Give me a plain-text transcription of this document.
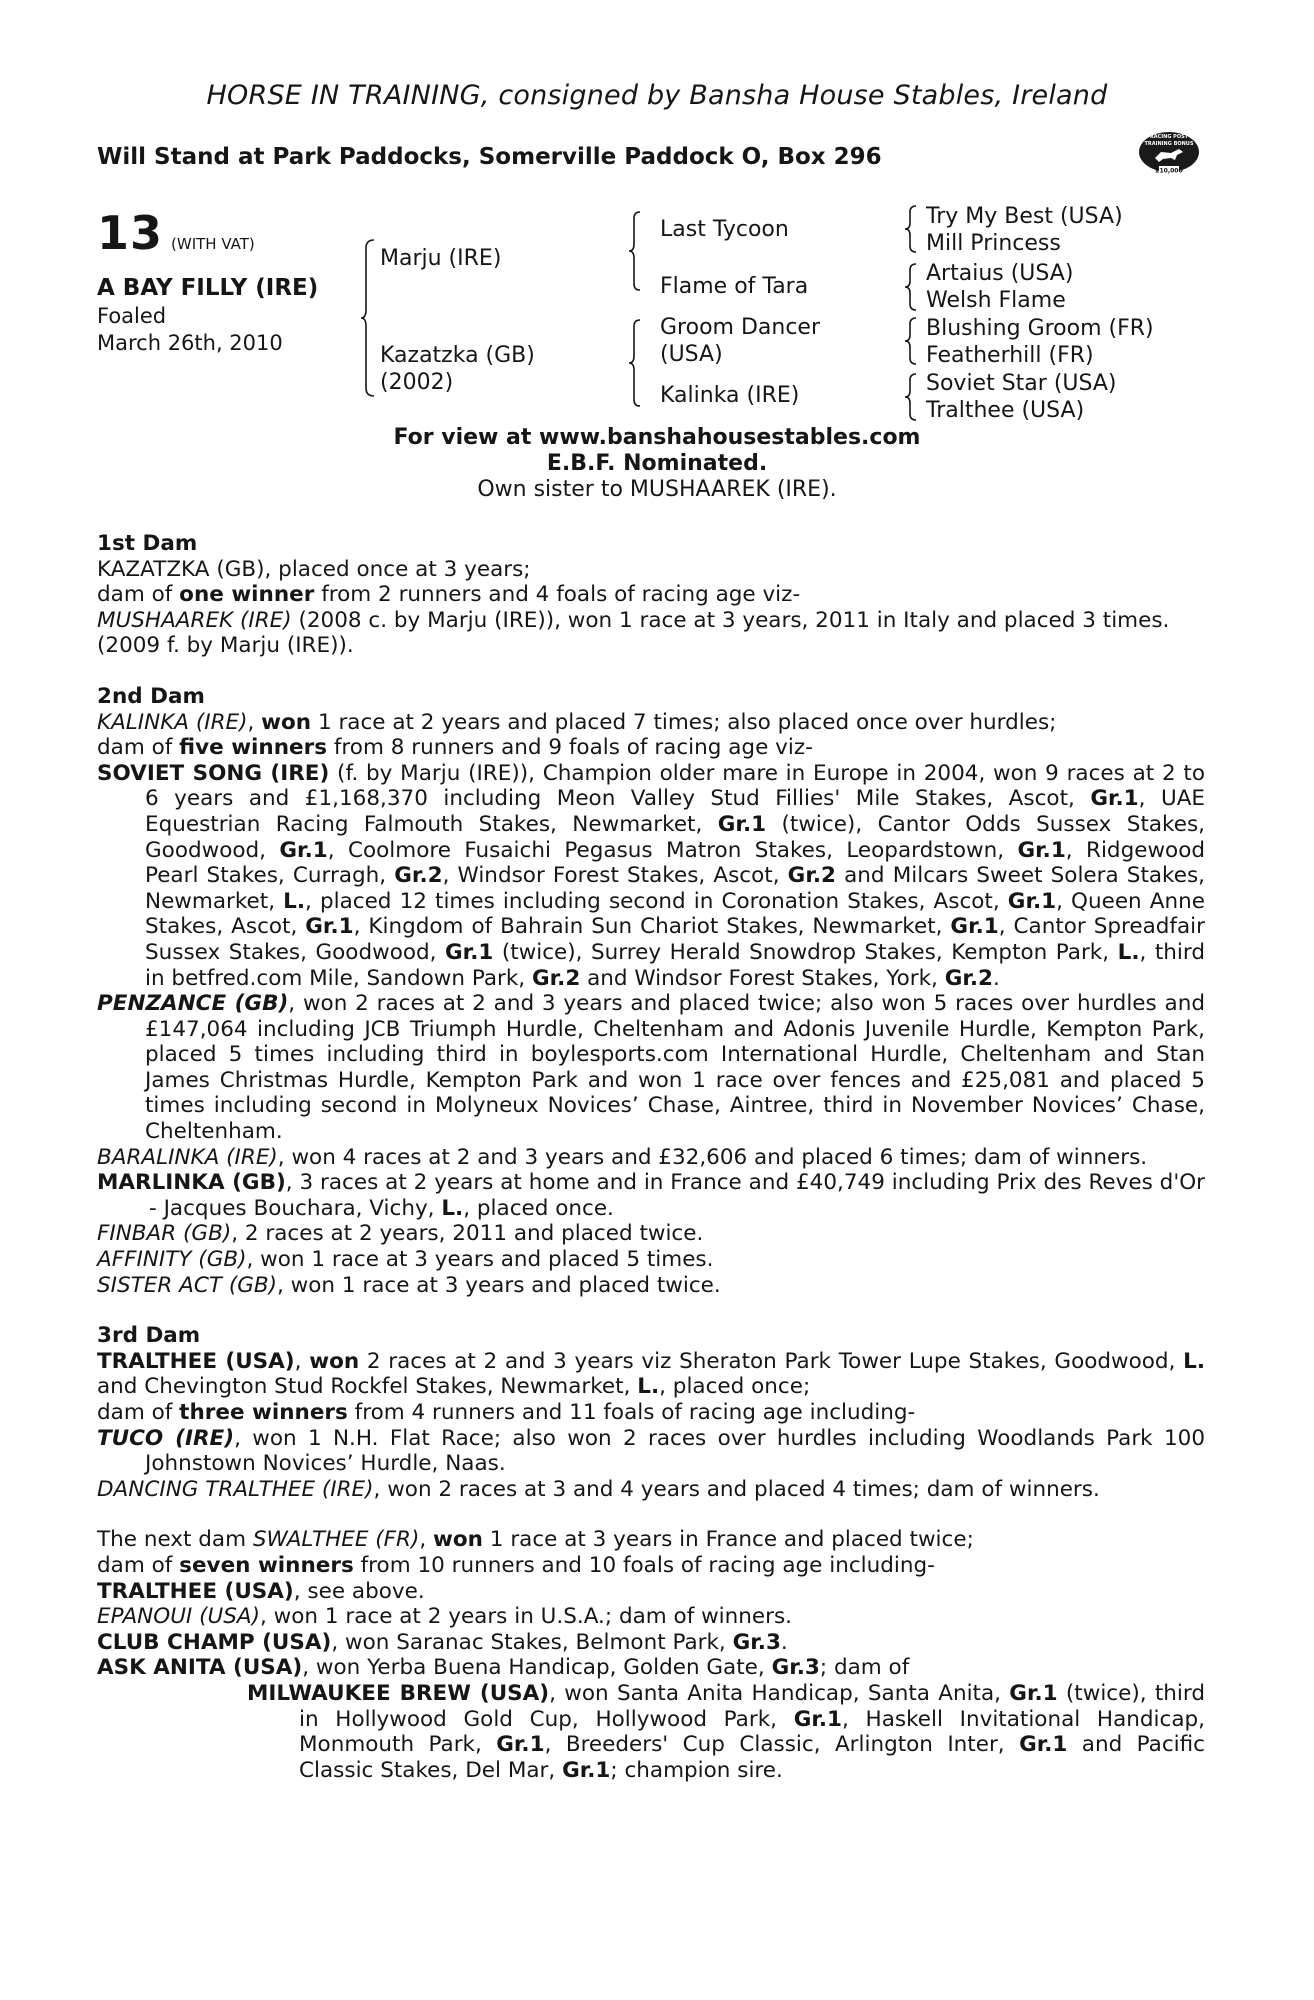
HORSE IN TRAINING, consigned by Bansha House Stables, Ireland
Will Stand at Park Paddocks, Somerville Paddock O, Box 296
RACING POST
TRAINING BONUS
£10,000
13 (WITH VAT)
A BAY FILLY (IRE)
Foaled
March 26th, 2010
Marju (IRE)
Kazatzka (GB)
(2002)
Last Tycoon
Flame of Tara
Groom Dancer
(USA)
Kalinka (IRE)
Try My Best (USA)
Mill Princess
Artaius (USA)
Welsh Flame
Blushing Groom (FR)
Featherhill (FR)
Soviet Star (USA)
Tralthee (USA)
For view at www.banshahousestables.com
E.B.F. Nominated.
Own sister to MUSHAAREK (IRE).

1st Dam

KAZATZKA (GB), placed once at 3 years;

dam of one winner from 2 runners and 4 foals of racing age viz-

MUSHAAREK (IRE) (2008 c. by Marju (IRE)), won 1 race at 3 years, 2011 in Italy and placed 3 times.

(2009 f. by Marju (IRE)).

2nd Dam

KALINKA (IRE), won 1 race at 2 years and placed 7 times; also placed once over hurdles;

dam of five winners from 8 runners and 9 foals of racing age viz-

SOVIET SONG (IRE) (f. by Marju (IRE)), Champion older mare in Europe in 2004, won 9 races at 2 to 6 years and £1,168,370 including Meon Valley Stud Fillies' Mile Stakes, Ascot, Gr.1, UAE Equestrian Racing Falmouth Stakes, Newmarket, Gr.1 (twice), Cantor Odds Sussex Stakes, Goodwood, Gr.1, Coolmore Fusaichi Pegasus Matron Stakes, Leopardstown, Gr.1, Ridgewood Pearl Stakes, Curragh, Gr.2, Windsor Forest Stakes, Ascot, Gr.2 and Milcars Sweet Solera Stakes, Newmarket, L., placed 12 times including second in Coronation Stakes, Ascot, Gr.1, Queen Anne Stakes, Ascot, Gr.1, Kingdom of Bahrain Sun Chariot Stakes, Newmarket, Gr.1, Cantor Spreadfair Sussex Stakes, Goodwood, Gr.1 (twice), Surrey Herald Snowdrop Stakes, Kempton Park, L., third in betfred.com Mile, Sandown Park, Gr.2 and Windsor Forest Stakes, York, Gr.2.

PENZANCE (GB), won 2 races at 2 and 3 years and placed twice; also won 5 races over hurdles and £147,064 including JCB Triumph Hurdle, Cheltenham and Adonis Juvenile Hurdle, Kempton Park, placed 5 times including third in boylesports.com International Hurdle, Cheltenham and Stan James Christmas Hurdle, Kempton Park and won 1 race over fences and £25,081 and placed 5 times including second in Molyneux Novices’ Chase, Aintree, third in November Novices’ Chase, Cheltenham.

BARALINKA (IRE), won 4 races at 2 and 3 years and £32,606 and placed 6 times; dam of winners.

MARLINKA (GB), 3 races at 2 years at home and in France and £40,749 including Prix des Reves d'Or - Jacques Bouchara, Vichy, L., placed once.

FINBAR (GB), 2 races at 2 years, 2011 and placed twice.

AFFINITY (GB), won 1 race at 3 years and placed 5 times.

SISTER ACT (GB), won 1 race at 3 years and placed twice.

3rd Dam

TRALTHEE (USA), won 2 races at 2 and 3 years viz Sheraton Park Tower Lupe Stakes, Goodwood, L. and Chevington Stud Rockfel Stakes, Newmarket, L., placed once;

dam of three winners from 4 runners and 11 foals of racing age including-

TUCO (IRE), won 1 N.H. Flat Race; also won 2 races over hurdles including Woodlands Park 100 Johnstown Novices’ Hurdle, Naas.

DANCING TRALTHEE (IRE), won 2 races at 3 and 4 years and placed 4 times; dam of winners.

The next dam SWALTHEE (FR), won 1 race at 3 years in France and placed twice;

dam of seven winners from 10 runners and 10 foals of racing age including-

TRALTHEE (USA), see above.

EPANOUI (USA), won 1 race at 2 years in U.S.A.; dam of winners.

CLUB CHAMP (USA), won Saranac Stakes, Belmont Park, Gr.3.

ASK ANITA (USA), won Yerba Buena Handicap, Golden Gate, Gr.3; dam of

MILWAUKEE BREW (USA), won Santa Anita Handicap, Santa Anita, Gr.1 (twice), third in Hollywood Gold Cup, Hollywood Park, Gr.1, Haskell Invitational Handicap, Monmouth Park, Gr.1, Breeders' Cup Classic, Arlington Inter, Gr.1 and Pacific Classic Stakes, Del Mar, Gr.1; champion sire.
